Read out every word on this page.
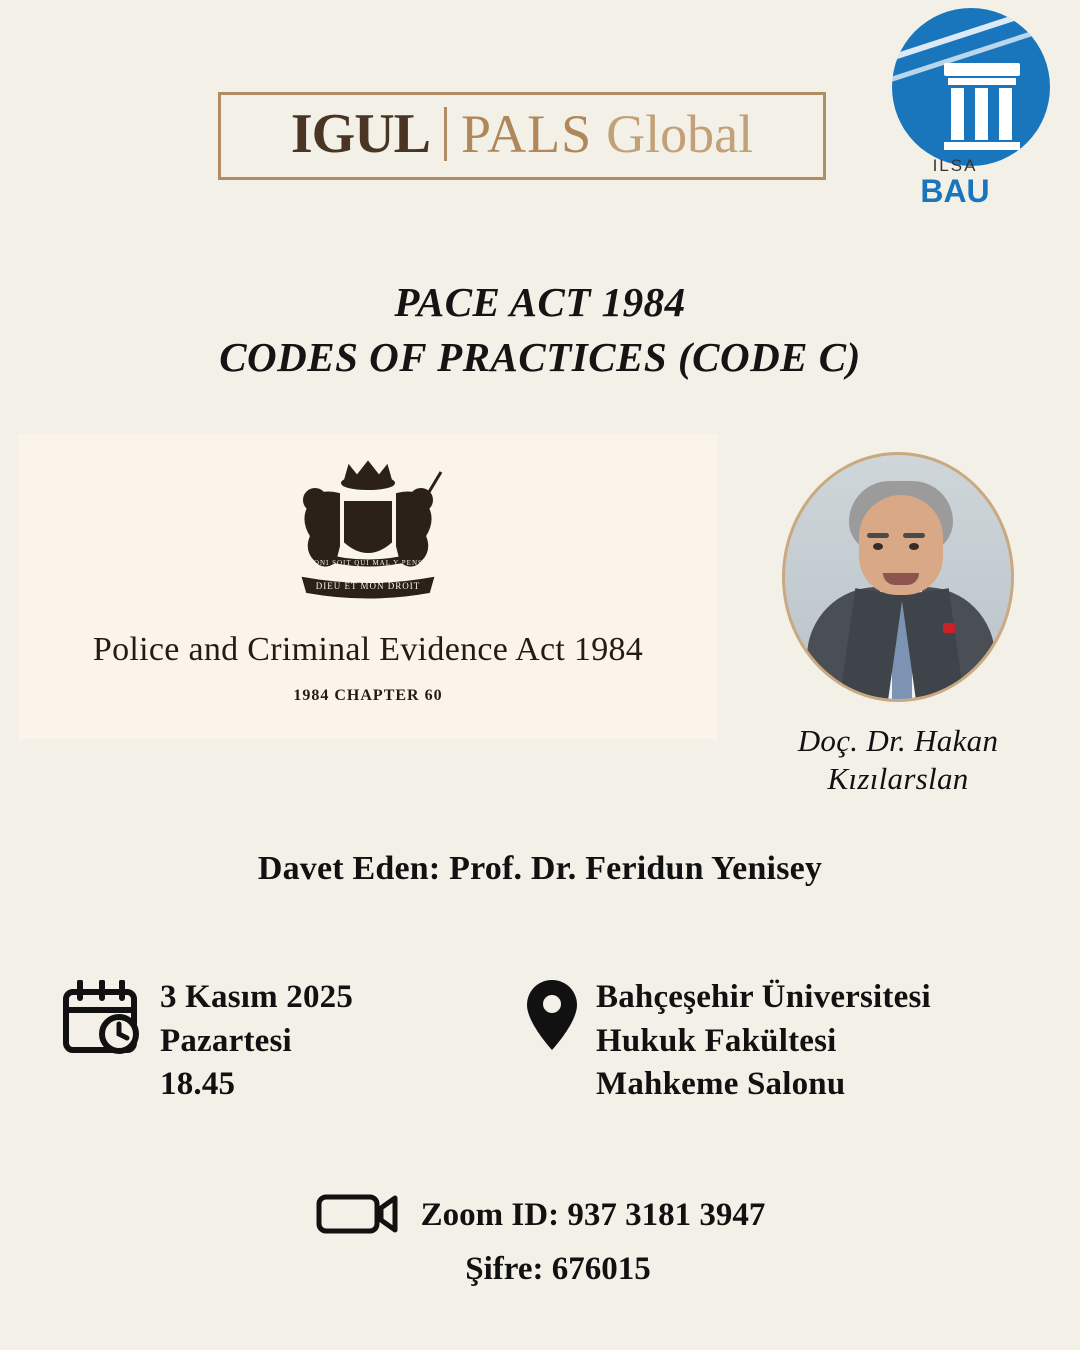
IGUL PALS Global
ILSA
BAU
PACE ACT 1984
CODES OF PRACTICES (CODE C)
DIEU ET MON DROIT
HONI SOIT QUI MAL Y PENSE
Police and Criminal Evidence Act 1984
1984 CHAPTER 60
Doç. Dr. Hakan
Kızılarslan
Davet Eden: Prof. Dr. Feridun Yenisey
3 Kasım 2025
Pazartesi
18.45
Bahçeşehir Üniversitesi
Hukuk Fakültesi
Mahkeme Salonu
Zoom ID: 937 3181 3947
Şifre: 676015
